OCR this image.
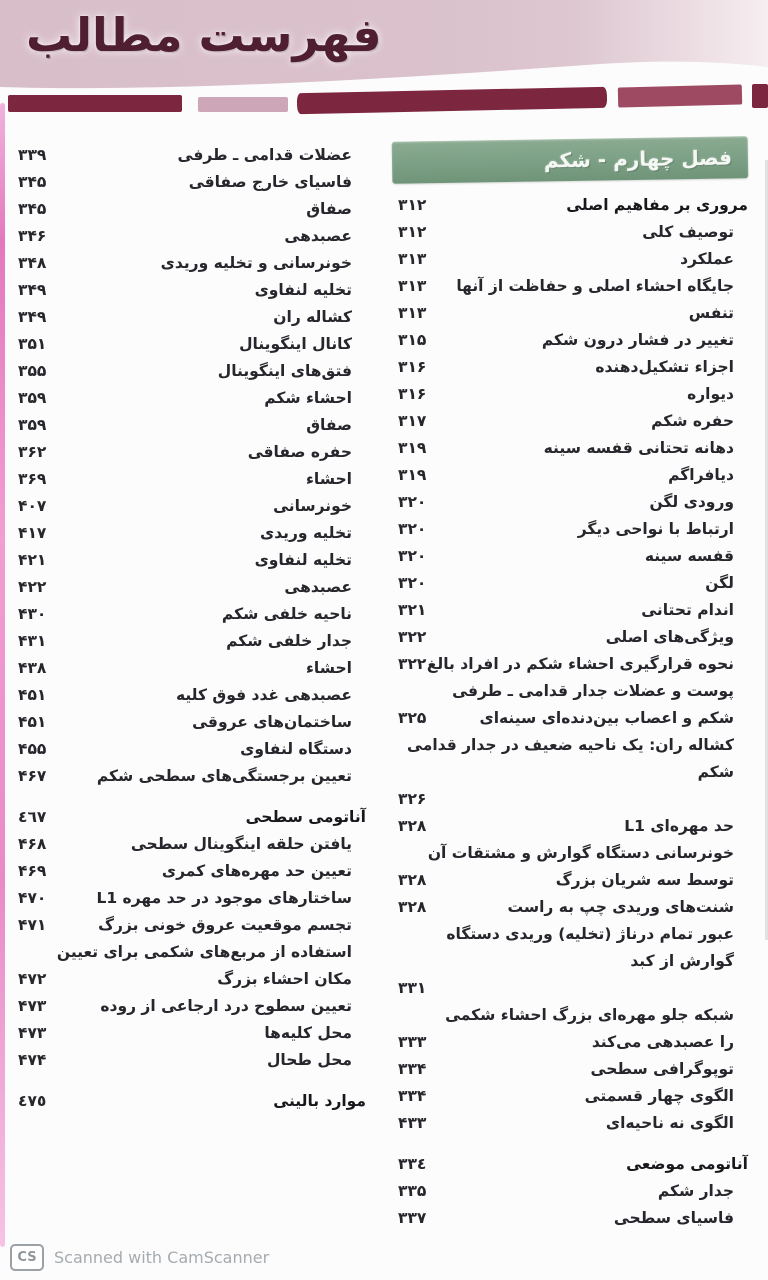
فهرست مطالب
فصل چهارم - شکم
مروری بر مفاهیم اصلی
۳۱۲
توصیف کلی
۳۱۲
عملکرد
۳۱۳
جایگاه احشاء اصلی و حفاظت از آنها
۳۱۳
تنفس
۳۱۳
تغییر در فشار درون شکم
۳۱۵
اجزاء تشکیل‌دهنده
۳۱۶
دیواره
۳۱۶
حفره شکم
۳۱۷
دهانه تحتانی قفسه سینه
۳۱۹
دیافراگم
۳۱۹
ورودی لگن
۳۲۰
ارتباط با نواحی دیگر
۳۲۰
قفسه سینه
۳۲۰
لگن
۳۲۰
اندام تحتانی
۳۲۱
ویژگی‌های اصلی
۳۲۲
نحوه قرارگیری احشاء شکم در افراد بالغ
۳۲۲
پوست و عضلات جدار قدامی ـ طرفی شکم و اعصاب بین‌دنده‌ای سینه‌ای
۳۲۵
کشاله ران: یک ناحیه ضعیف در جدار قدامی شکم
۳۲۶
حد مهره‌ای L1
۳۲۸
خونرسانی دستگاه گوارش و مشتقات آن توسط سه شریان بزرگ
۳۲۸
شنت‌های وریدی چپ به راست
۳۲۸
عبور تمام درناژ (تخلیه) وریدی دستگاه گوارش از کبد
۳۳۱
شبکه جلو مهره‌ای بزرگ احشاء شکمی را عصبدهی می‌کند
۳۳۳
توپوگرافی سطحی
۳۳۴
الگوی چهار قسمتی
۳۳۴
الگوی نه ناحیه‌ای
۴۳۳
آناتومی موضعی
۳۳٤
جدار شکم
۳۳۵
فاسیای سطحی
۳۳۷
عضلات قدامی ـ طرفی
۳۳۹
فاسیای خارج صفاقی
۳۴۵
صفاق
۳۴۵
عصبدهی
۳۴۶
خونرسانی و تخلیه وریدی
۳۴۸
تخلیه لنفاوی
۳۴۹
کشاله ران
۳۴۹
کانال اینگوینال
۳۵۱
فتق‌های اینگوینال
۳۵۵
احشاء شکم
۳۵۹
صفاق
۳۵۹
حفره صفاقی
۳۶۲
احشاء
۳۶۹
خونرسانی
۴۰۷
تخلیه وریدی
۴۱۷
تخلیه لنفاوی
۴۲۱
عصبدهی
۴۲۲
ناحیه خلفی شکم
۴۳۰
جدار خلفی شکم
۴۳۱
احشاء
۴۳۸
عصبدهی غدد فوق کلیه
۴۵۱
ساختمان‌های عروقی
۴۵۱
دستگاه لنفاوی
۴۵۵
تعیین برجستگی‌های سطحی شکم
۴۶۷
آناتومی سطحی
٤٦٧
یافتن حلقه اینگوینال سطحی
۴۶۸
تعیین حد مهره‌های کمری
۴۶۹
ساختارهای موجود در حد مهره L1
۴۷۰
تجسم موقعیت عروق خونی بزرگ
۴۷۱
استفاده از مربع‌های شکمی برای تعیین مکان احشاء بزرگ
۴۷۲
تعیین سطوح درد ارجاعی از روده
۴۷۳
محل کلیه‌ها
۴۷۳
محل طحال
۴۷۴
موارد بالینی
٤٧٥
CS	Scanned with CamScanner
